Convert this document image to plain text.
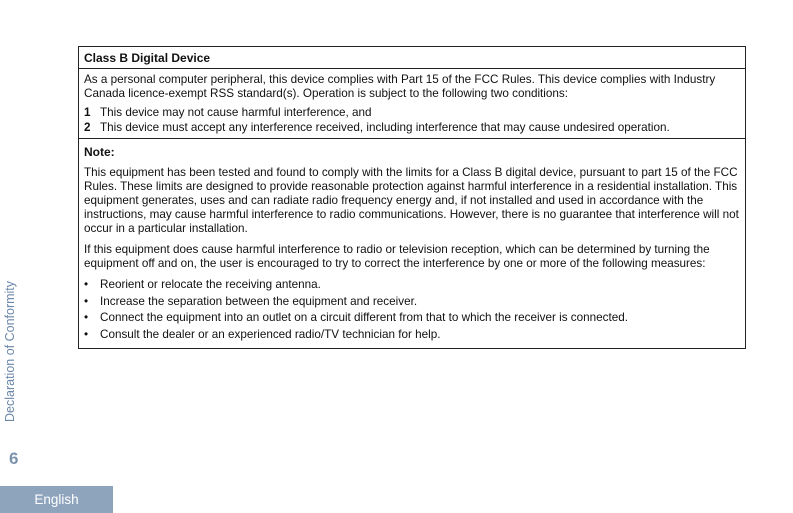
Declaration of Conformity
6
English
Class B Digital Device

As a personal computer peripheral, this device complies with Part 15 of the FCC Rules. This device complies with Industry Canada licence-exempt RSS standard(s). Operation is subject to the following two conditions:

1 This device may not cause harmful interference, and
2 This device must accept any interference received, including interference that may cause undesired operation.
Note:

This equipment has been tested and found to comply with the limits for a Class B digital device, pursuant to part 15 of the FCC Rules. These limits are designed to provide reasonable protection against harmful interference in a residential installation. This equipment generates, uses and can radiate radio frequency energy and, if not installed and used in accordance with the instructions, may cause harmful interference to radio communications. However, there is no guarantee that interference will not occur in a particular installation.

If this equipment does cause harmful interference to radio or television reception, which can be determined by turning the equipment off and on, the user is encouraged to try to correct the interference by one or more of the following measures:

•	Reorient or relocate the receiving antenna.
•	Increase the separation between the equipment and receiver.
•	Connect the equipment into an outlet on a circuit different from that to which the receiver is connected.
•	Consult the dealer or an experienced radio/TV technician for help.
